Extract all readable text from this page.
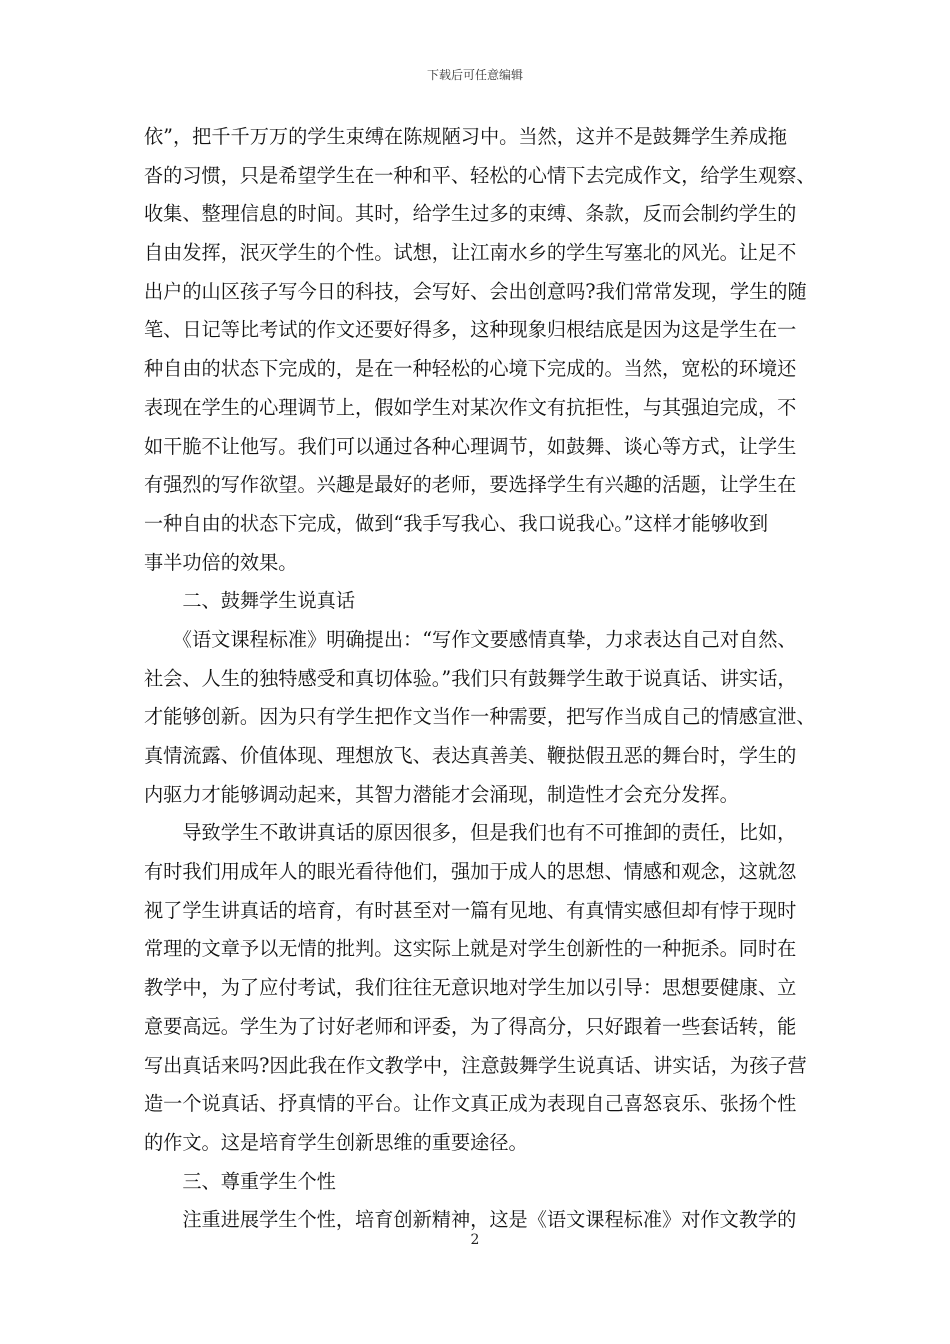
下载后可任意编辑
依”，把千千万万的学生束缚在陈规陋习中。当然，这并不是鼓舞学生养成拖
沓的习惯，只是希望学生在一种和平、轻松的心情下去完成作文，给学生观察、
收集、整理信息的时间。其时，给学生过多的束缚、条款，反而会制约学生的
自由发挥，泯灭学生的个性。试想，让江南水乡的学生写塞北的风光。让足不
出户的山区孩子写今日的科技，会写好、会出创意吗?我们常常发现，学生的随
笔、日记等比考试的作文还要好得多，这种现象归根结底是因为这是学生在一
种自由的状态下完成的，是在一种轻松的心境下完成的。当然，宽松的环境还
表现在学生的心理调节上，假如学生对某次作文有抗拒性，与其强迫完成，不
如干脆不让他写。我们可以通过各种心理调节，如鼓舞、谈心等方式，让学生
有强烈的写作欲望。兴趣是最好的老师，要选择学生有兴趣的活题，让学生在
一种自由的状态下完成，做到“我手写我心、我口说我心。”这样才能够收到
事半功倍的效果。
　　二、鼓舞学生说真话
　　《语文课程标准》明确提出：“写作文要感情真挚，力求表达自己对自然、
社会、人生的独特感受和真切体验。”我们只有鼓舞学生敢于说真话、讲实话，
才能够创新。因为只有学生把作文当作一种需要，把写作当成自己的情感宣泄、
真情流露、价值体现、理想放飞、表达真善美、鞭挞假丑恶的舞台时，学生的
内驱力才能够调动起来，其智力潜能才会涌现，制造性才会充分发挥。
　　导致学生不敢讲真话的原因很多，但是我们也有不可推卸的责任，比如，
有时我们用成年人的眼光看待他们，强加于成人的思想、情感和观念，这就忽
视了学生讲真话的培育，有时甚至对一篇有见地、有真情实感但却有悖于现时
常理的文章予以无情的批判。这实际上就是对学生创新性的一种扼杀。同时在
教学中，为了应付考试，我们往往无意识地对学生加以引导：思想要健康、立
意要高远。学生为了讨好老师和评委，为了得高分，只好跟着一些套话转，能
写出真话来吗?因此我在作文教学中，注意鼓舞学生说真话、讲实话，为孩子营
造一个说真话、抒真情的平台。让作文真正成为表现自己喜怒哀乐、张扬个性
的作文。这是培育学生创新思维的重要途径。
　　三、尊重学生个性
　　注重进展学生个性，培育创新精神，这是《语文课程标准》对作文教学的
2
